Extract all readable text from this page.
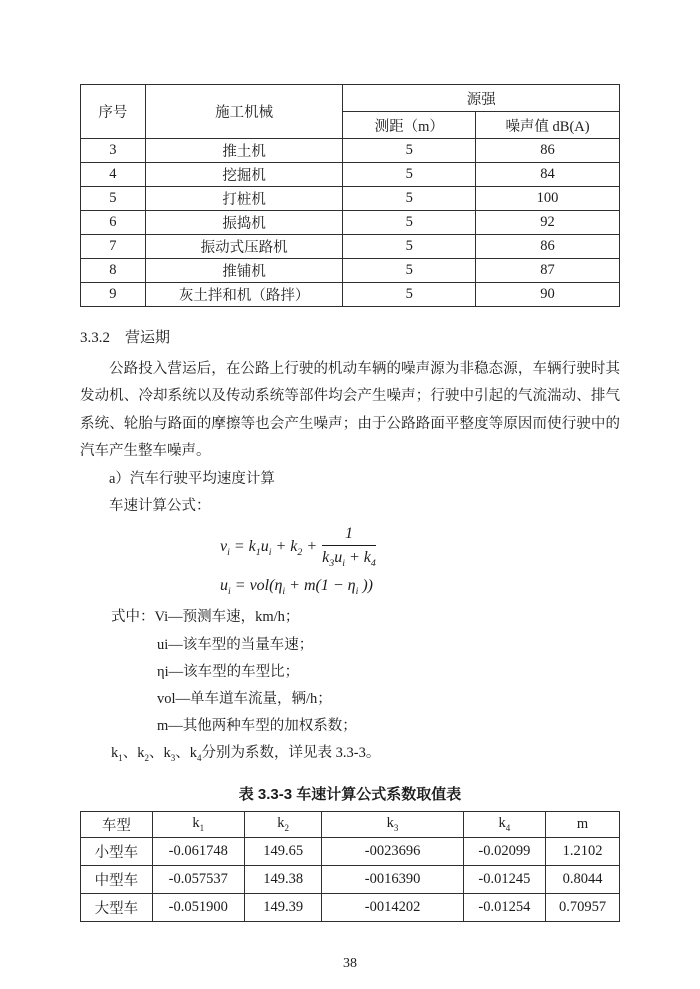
序号	施工机械	源强	
		测距（m）	噪声值 dB(A)
3	推土机	5	86
4	挖掘机	5	84
5	打桩机	5	100
6	振捣机	5	92
7	振动式压路机	5	86
8	推铺机	5	87
9	灰土拌和机（路拌）	5	90
3.3.2　营运期

公路投入营运后，在公路上行驶的机动车辆的噪声源为非稳态源，车辆行驶时其发动机、冷却系统以及传动系统等部件均会产生噪声；行驶中引起的气流湍动、排气系统、轮胎与路面的摩擦等也会产生噪声；由于公路路面平整度等原因而使行驶中的汽车产生整车噪声。

a）汽车行驶平均速度计算

车速计算公式：

$v_i = k_1u_i + k_2 + \frac{1}{k_3u_i + k_4}$
$u_i = vol(\eta_i + m(1 - \eta_i$ ))
式中：Vi—预测车速，km/h；
ui—该车型的当量车速；
ηi—该车型的车型比；
vol—单车道车流量，辆/h；
m—其他两种车型的加权系数；
$k_1$、$k_2$、$k_3$、$k_4$分别为系数，详见表 3.3-3。
表 3.3-3 车速计算公式系数取值表
车型	$k_1$	$k_2$	$k_3$	$k_4$	m
小型车	-0.061748	149.65	-0023696	-0.02099	1.2102
中型车	-0.057537	149.38	-0016390	-0.01245	0.8044
大型车	-0.051900	149.39	-0014202	-0.01254	0.70957
38
